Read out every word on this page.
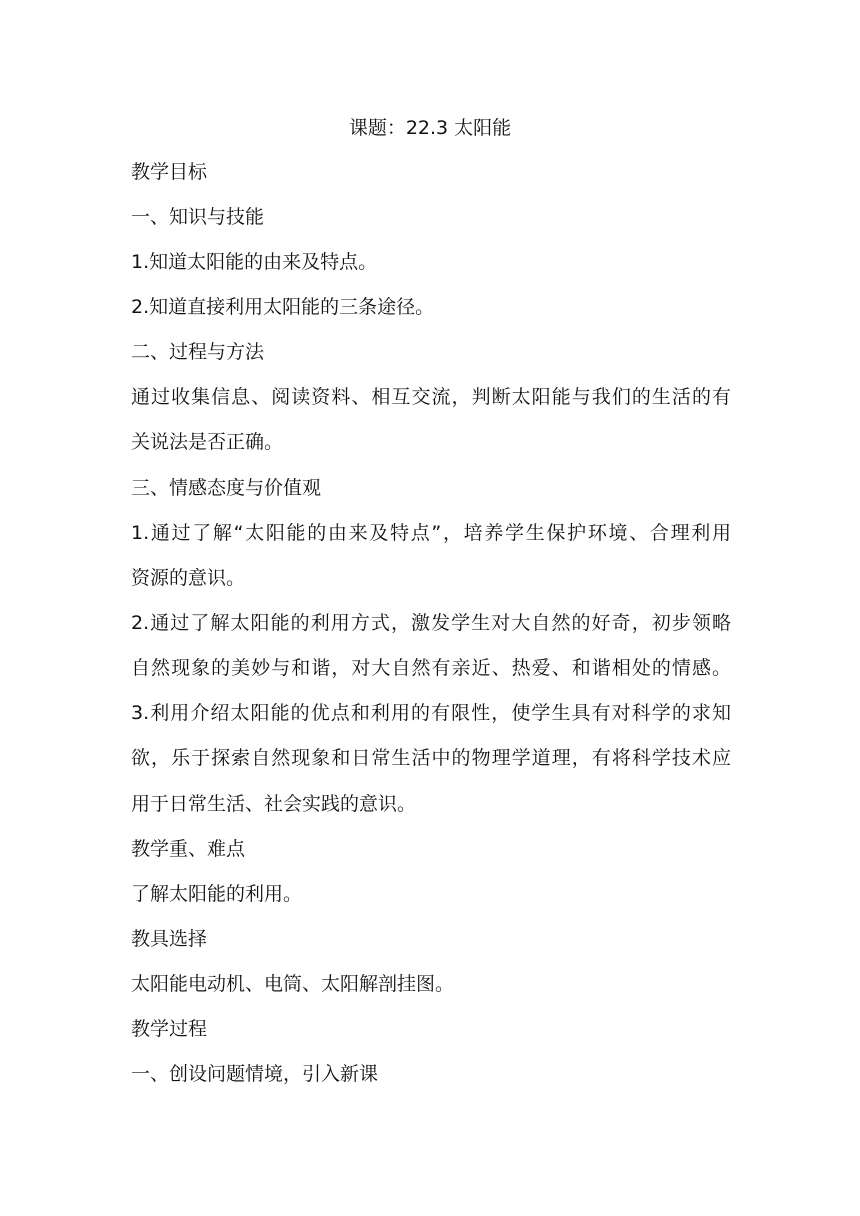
课题：22.3 太阳能
教学目标
一、知识与技能
1.知道太阳能的由来及特点。
2.知道直接利用太阳能的三条途径。
二、过程与方法
通过收集信息、阅读资料、相互交流，判断太阳能与我们的生活的有
关说法是否正确。
三、情感态度与价值观
1.通过了解“太阳能的由来及特点”，培养学生保护环境、合理利用
资源的意识。
2.通过了解太阳能的利用方式，激发学生对大自然的好奇，初步领略
自然现象的美妙与和谐，对大自然有亲近、热爱、和谐相处的情感。
3.利用介绍太阳能的优点和利用的有限性，使学生具有对科学的求知
欲，乐于探索自然现象和日常生活中的物理学道理，有将科学技术应
用于日常生活、社会实践的意识。
教学重、难点
了解太阳能的利用。
教具选择
太阳能电动机、电筒、太阳解剖挂图。
教学过程
一、创设问题情境，引入新课
